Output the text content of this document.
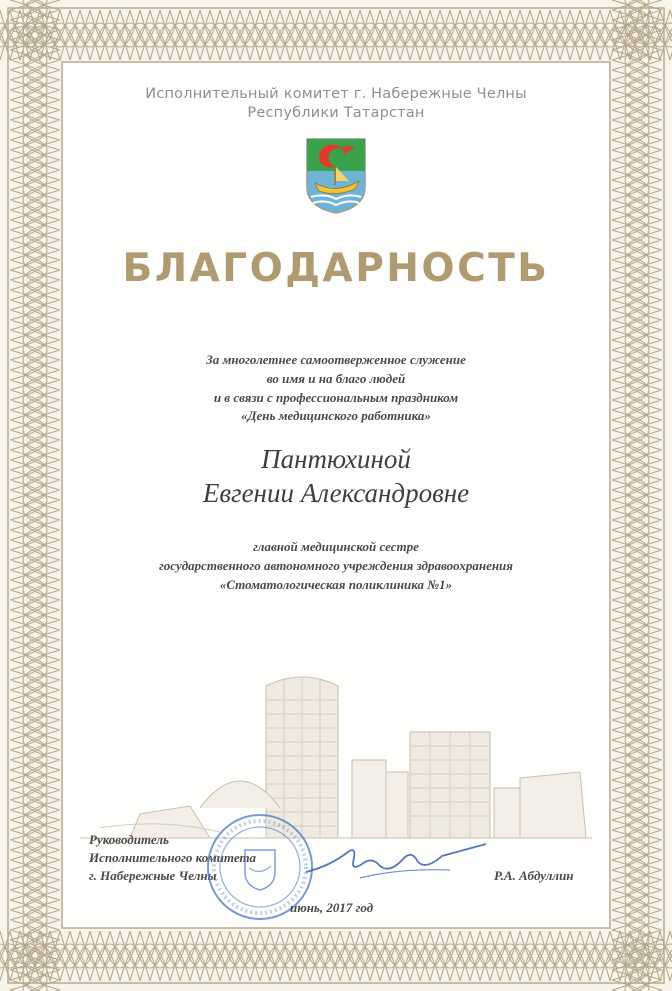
Исполнительный комитет г. Набережные Челны
Республики Татарстан
БЛАГОДАРНОСТЬ
За многолетнее самоотверженное служение
во имя и на благо людей
и в связи с профессиональным праздником
«День медицинского работника»
Пантюхиной
Евгении Александровне
главной медицинской сестре
государственного автономного учреждения здравоохранения
«Стоматологическая поликлиника №1»
Руководитель
Исполнительного комитета
г. Набережные Челны	Р.А. Абдуллин
июнь, 2017 год
